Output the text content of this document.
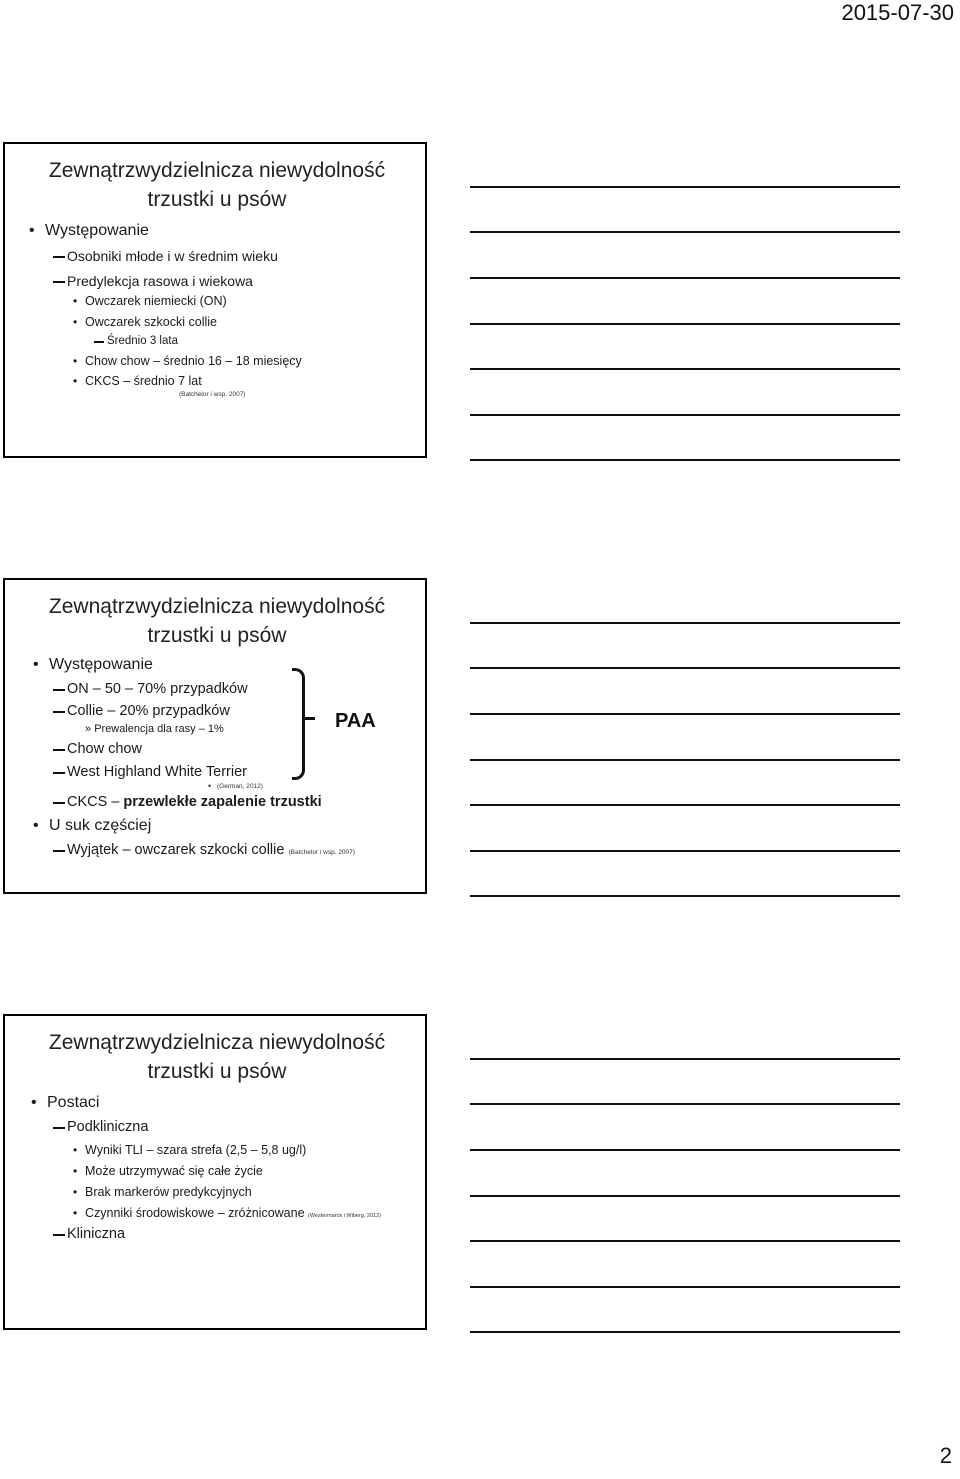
2015-07-30
Zewnątrzwydzielnicza niewydolność
trzustki u psów
• Występowanie
Osobniki młode i w średnim wieku
Predylekcja rasowa i wiekowa
• Owczarek niemiecki (ON)
• Owczarek szkocki collie
Średnio 3 lata
• Chow chow – średnio 16 – 18 miesięcy
• CKCS – średnio 7 lat
(Batchelor i wsp. 2007)
Zewnątrzwydzielnicza niewydolność
trzustki u psów
• Występowanie
ON – 50 – 70% przypadków
Collie – 20% przypadków
» Prewalencja dla rasy – 1%
Chow chow
West Highland White Terrier
• (German, 2012)
CKCS – przewlekłe zapalenie trzustki
• U suk częściej
Wyjątek – owczarek szkocki collie (Batchelor i wsp. 2007)
PAA
Zewnątrzwydzielnicza niewydolność
trzustki u psów
• Postaci
Podkliniczna
• Wyniki TLI – szara strefa (2,5 – 5,8 ug/l)
• Może utrzymywać się całe życie
• Brak markerów predykcyjnych
• Czynniki środowiskowe – zróżnicowane (Westermarck i Wiberg, 2012)
Kliniczna
2
